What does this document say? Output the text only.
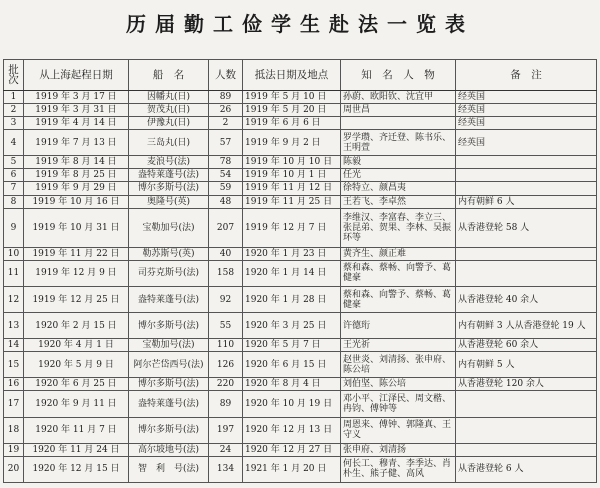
历届勤工俭学生赴法一览表
批次	从上海起程日期	船　名	人数	抵法日期及地点	知　名　人　物	备　注
1	1919 年 3 月 17 日	因幡丸(日)	89	1919 年 5 月 10 日	孙蔚、欧阳钦、沈宜甲	经英国
2	1919 年 3 月 31 日	贺茂丸(日)	26	1919 年 5 月 20 日	周世昌	经英国
3	1919 年 4 月 14 日	伊豫丸(日)	2	1919 年 6 月 6 日		经英国
4	1919 年 7 月 13 日	三岛丸(日)	57	1919 年 9 月 2 日	罗学瓒、齐迁登、陈书乐、王明萱	经英国
5	1919 年 8 月 14 日	麦浪号(法)	78	1919 年 10 月 10 日	陈毅	
6	1919 年 8 月 25 日	盎特莱蓬号(法)	54	1919 年 10 月 1 日	任光	
7	1919 年 9 月 29 日	博尔多斯号(法)	59	1919 年 11 月 12 日	徐特立、颜昌夷	
8	1919 年 10 月 16 日	奥隆号(英)	48	1919 年 11 月 25 日	王若飞、李卓然	内有朝鲜 6 人
9	1919 年 10 月 31 日	宝勒加号(法)	207	1919 年 12 月 7 日	李维汉、李富春、李立三、张昆弟、贺果、李林、吴振环等	从香港登轮 58 人
10	1919 年 11 月 22 日	勒苏斯号(英)	40	1920 年 1 月 23 日	黄齐生、颜正难	
11	1919 年 12 月 9 日	司芬克斯号(法)	158	1920 年 1 月 14 日	蔡和森、蔡畅、向警予、葛健豪	
12	1919 年 12 月 25 日	盎特莱蓬号(法)	92	1920 年 1 月 28 日	蔡和森、向警予、蔡畅、葛健豪	从香港登轮 40 余人
13	1920 年 2 月 15 日	博尔多斯号(法)	55	1920 年 3 月 25 日	许德珩	内有朝鲜 3 人从香港登轮 19 人
14	1920 年 4 月 1 日	宝勒加号(法)	110	1920 年 5 月 7 日	王光祈	从香港登轮 60 余人
15	1920 年 5 月 9 日	阿尔芒岱西号(法)	126	1920 年 6 月 15 日	赵世炎、刘清扬、张申府、陈公培	内有朝鲜 5 人
16	1920 年 6 月 25 日	博尔多斯号(法)	220	1920 年 8 月 4 日	刘伯坚、陈公培	从香港登轮 120 余人
17	1920 年 9 月 11 日	盎特莱蓬号(法)	89	1920 年 10 月 19 日	邓小平、江泽民、周文楷、冉钧、傅钟等	
18	1920 年 11 月 7 日	博尔多斯号(法)	197	1920 年 12 月 13 日	周恩来、傅钟、郭隆真、王守义	
19	1920 年 11 月 24 日	高尔坡地号(法)	24	1920 年 12 月 27 日	张申府、刘清扬	
20	1920 年 12 月 15 日	智　利　号(法)	134	1921 年 1 月 20 日	何长工、穆青、李季达、肖朴生、熊子健、高风	从香港登轮 6 人
